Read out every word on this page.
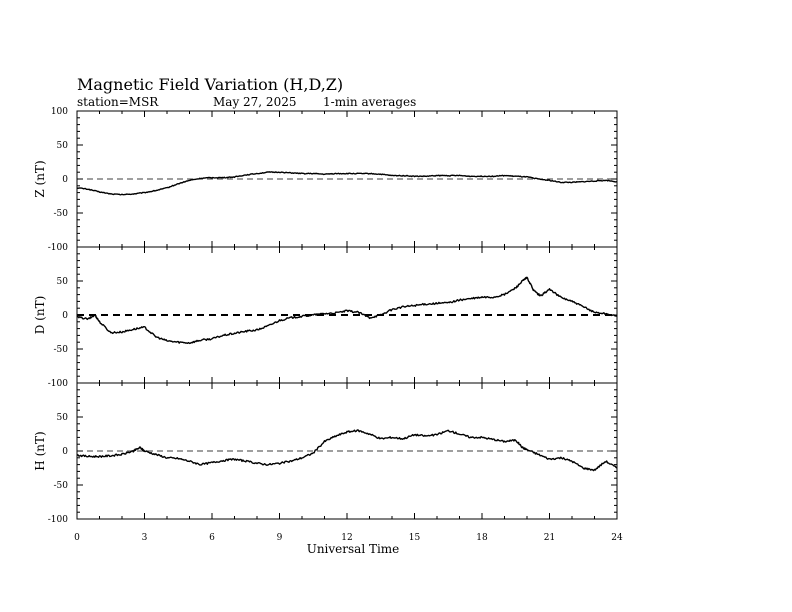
Magnetic Field Variation (H,D,Z)
station=MSR	May 27, 2025 1-min averages
100
50
0
-50
-100
Z (nT)
50
0
-50
-100
D (nT)
50
0
-50
-100
H (nT)
0	3	6	9	12	15	18	21	24
Universal Time
